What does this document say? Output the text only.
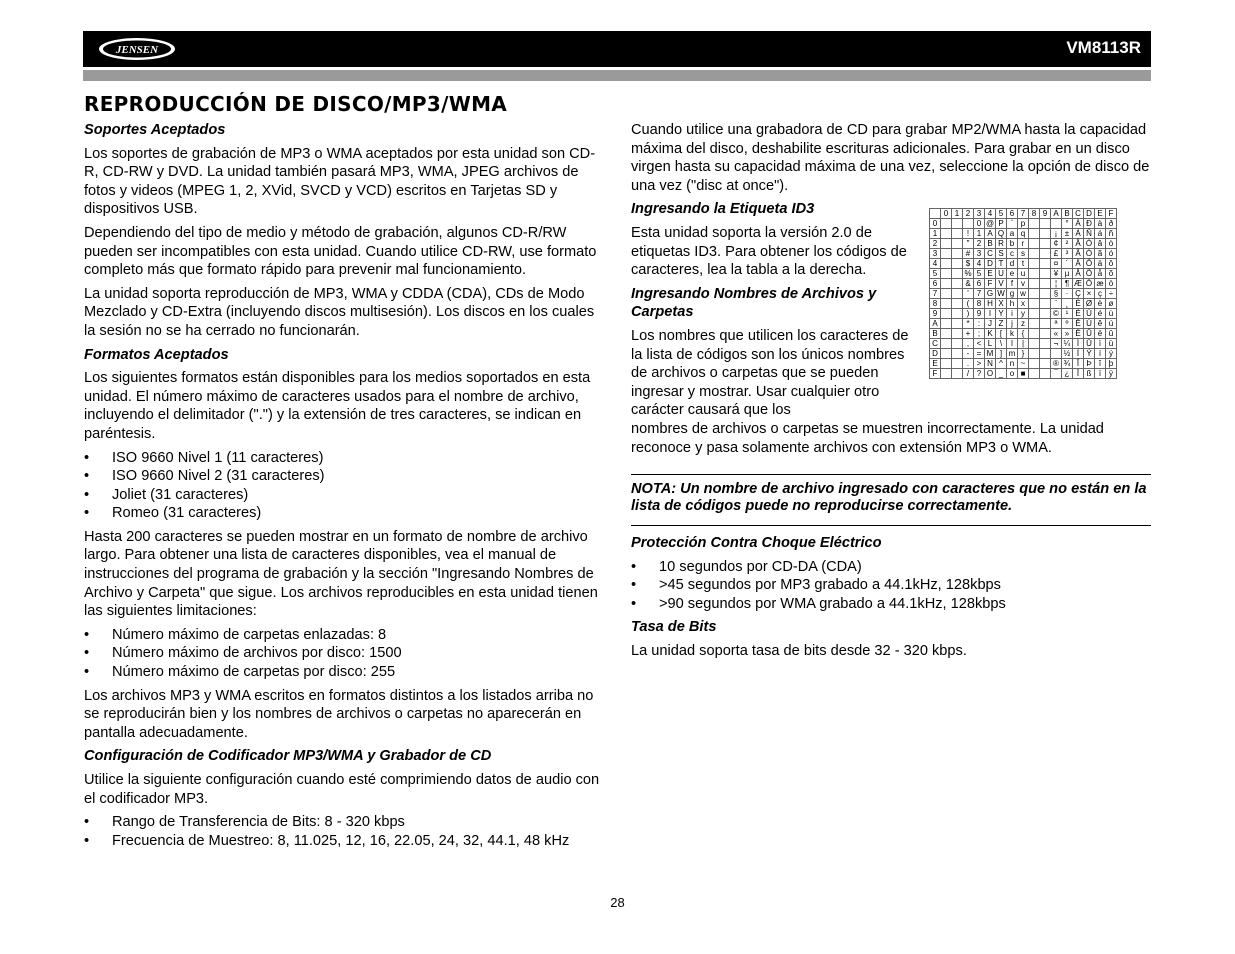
JENSEN	VM8113R
REPRODUCCIÓN DE DISCO/MP3/WMA
Soportes Aceptados

Los soportes de grabación de MP3 o WMA aceptados por esta unidad son CD-R, CD-RW y DVD. La unidad también pasará MP3, WMA, JPEG archivos de fotos y videos (MPEG 1, 2, XVid, SVCD y VCD) escritos en Tarjetas SD y dispositivos USB.

Dependiendo del tipo de medio y método de grabación, algunos CD-R/RW pueden ser incompatibles con esta unidad. Cuando utilice CD-RW, use formato completo más que formato rápido para prevenir mal funcionamiento.

La unidad soporta reproducción de MP3, WMA y CDDA (CDA), CDs de Modo Mezclado y CD-Extra (incluyendo discos multisesión). Los discos en los cuales la sesión no se ha cerrado no funcionarán.

Formatos Aceptados

Los siguientes formatos están disponibles para los medios soportados en esta unidad. El número máximo de caracteres usados para el nombre de archivo, incluyendo el delimitador (".") y la extensión de tres caracteres, se indican en paréntesis.

• ISO 9660 Nivel 1 (11 caracteres)
• ISO 9660 Nivel 2 (31 caracteres)
• Joliet (31 caracteres)
• Romeo (31 caracteres)

Hasta 200 caracteres se pueden mostrar en un formato de nombre de archivo largo. Para obtener una lista de caracteres disponibles, vea el manual de instrucciones del programa de grabación y la sección "Ingresando Nombres de Archivo y Carpeta" que sigue. Los archivos reproducibles en esta unidad tienen las siguientes limitaciones:

• Número máximo de carpetas enlazadas: 8
• Número máximo de archivos por disco: 1500
• Número máximo de carpetas por disco: 255

Los archivos MP3 y WMA escritos en formatos distintos a los listados arriba no se reproducirán bien y los nombres de archivos o carpetas no aparecerán en pantalla adecuadamente.

Configuración de Codificador MP3/WMA y Grabador de CD

Utilice la siguiente configuración cuando esté comprimiendo datos de audio con el codificador MP3.

• Rango de Transferencia de Bits: 8 - 320 kbps
• Frecuencia de Muestreo: 8, 11.025, 12, 16, 22.05, 24, 32, 44.1, 48 kHz

Cuando utilice una grabadora de CD para grabar MP2/WMA hasta la capacidad máxima del disco, deshabilite escrituras adicionales. Para grabar en un disco virgen hasta su capacidad máxima de una vez, seleccione la opción de disco de una vez ("disc at once").

Ingresando la Etiqueta ID3

Esta unidad soporta la versión 2.0 de etiquetas ID3. Para obtener los códigos de caracteres, lea la tabla a la derecha.

Ingresando Nombres de Archivos y Carpetas
Los nombres que utilicen los caracteres de la lista de códigos son los únicos nombres de archivos o carpetas que se pueden ingresar y mostrar. Usar cualquier otro carácter causará que los

nombres de archivos o carpetas se muestren incorrectamente. La unidad reconoce y pasa solamente archivos con extensión MP3 o WMA.

NOTA: Un nombre de archivo ingresado con caracteres que no están en la lista de códigos puede no reproducirse correctamente.
Protección Contra Choque Eléctrico
• 10 segundos por CD-DA (CDA)
• >45 segundos por MP3 grabado a 44.1kHz, 128kbps
• >90 segundos por WMA grabado a 44.1kHz, 128kbps
Tasa de Bits

La unidad soporta tasa de bits desde 32 - 320 kbps.

	0	1	2	3	4	5	6	7	8	9	A	B	C	D	E	F
0				0	@	P	`	p				°	À	Ð	à	ð
1			!	1	A	Q	a	q			¡	±	Á	Ñ	á	ñ
2			"	2	B	R	b	r			¢	²	Â	Ò	â	ò
3			#	3	C	S	c	s			£	³	Ã	Ó	ã	ó
4			$	4	D	T	d	t			¤	´	Ä	Ô	ä	ô
5			%	5	E	U	e	u			¥	µ	Å	Õ	å	õ
6			&	6	F	V	f	v			¦	¶	Æ	Ö	æ	ö
7			'	7	G	W	g	w			§	·	Ç	×	ç	÷
8			(	8	H	X	h	x			¨	¸	È	Ø	è	ø
9			)	9	I	Y	i	y			©	¹	É	Ù	é	ù
A			*	:	J	Z	j	z			ª	º	Ê	Ú	ê	ú
B			+	;	K	[	k	{			«	»	Ë	Û	ë	û
C			,	<	L	\	l	|			¬	¼	Ì	Ü	ì	ü
D			-	=	M	]	m	}				½	Í	Ý	í	ý
E			.	>	N	^	n	~			®	¾	Î	Þ	î	þ
F			/	?	O	_	o	■			¯	¿	Ï	ß	ï	ÿ
28
